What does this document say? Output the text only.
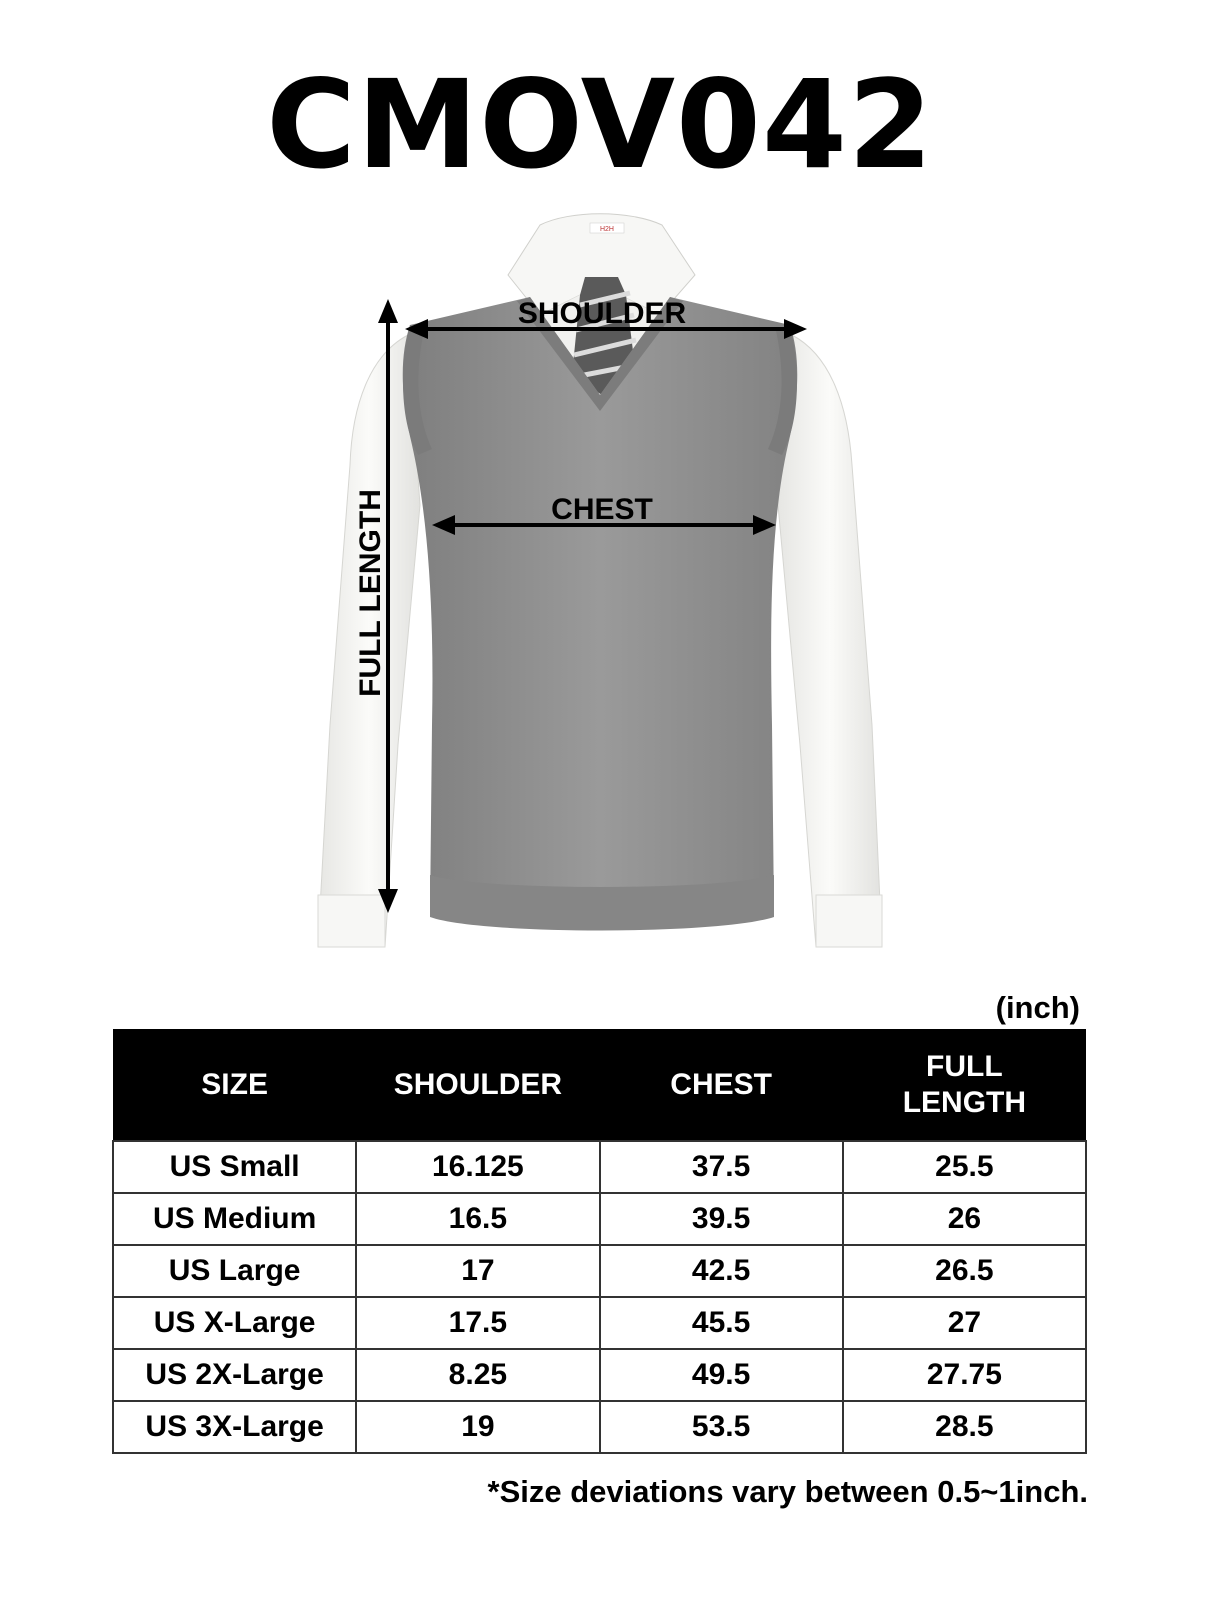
CMOV042
H2H
SHOULDER
CHEST
FULL LENGTH
(inch)
SIZE	SHOULDER	CHEST	FULL
LENGTH
US Small	16.125	37.5	25.5
US Medium	16.5	39.5	26
US Large	17	42.5	26.5
US X-Large	17.5	45.5	27
US 2X-Large	8.25	49.5	27.75
US 3X-Large	19	53.5	28.5
*Size deviations vary between 0.5~1inch.
